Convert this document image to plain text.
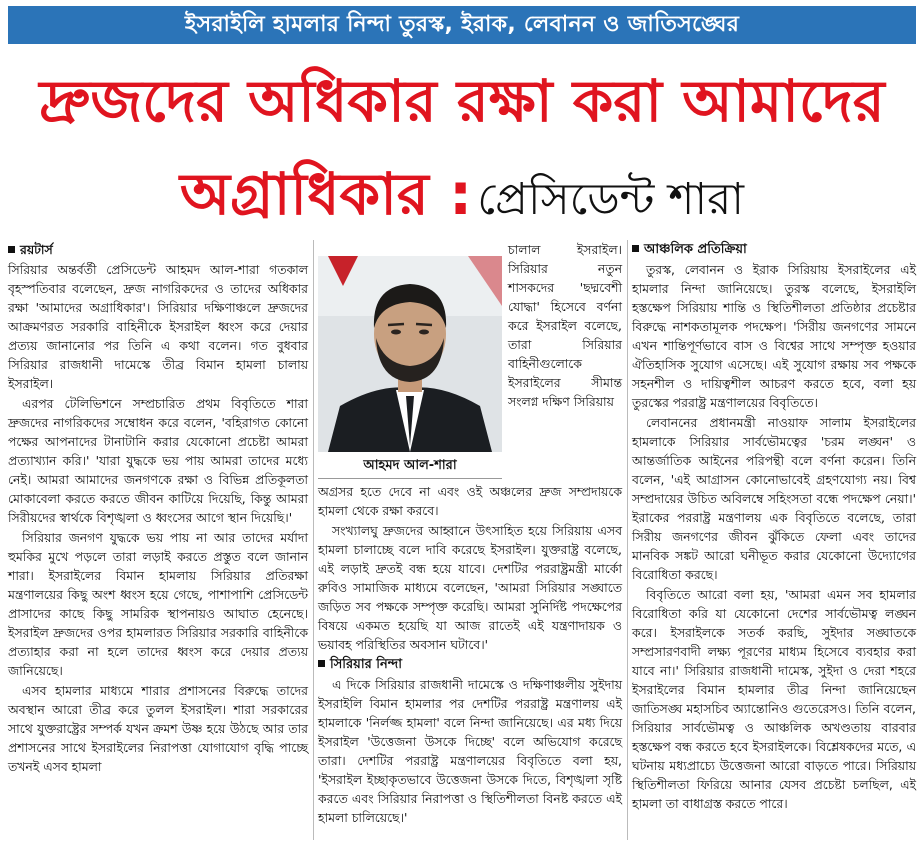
ইসরাইলি হামলার নিন্দা তুরস্ক, ইরাক, লেবানন ও জাতিসঙ্ঘের
দ্রুজদের অধিকার রক্ষা করা আমাদের
অগ্রাধিকার : প্রেসিডেন্ট শারা

রয়টার্স

সিরিয়ার অন্তর্বর্তী প্রেসিডেন্ট আহমদ আল-শারা গতকাল বৃহস্পতিবার বলেছেন, দ্রুজ নাগরিকদের ও তাদের অধিকার রক্ষা 'আমাদের অগ্রাধিকার'। সিরিয়ার দক্ষিণাঞ্চলে দ্রুজদের আক্রমণরত সরকারি বাহিনীকে ইসরাইল ধ্বংস করে দেয়ার প্রত্যয় জানানোর পর তিনি এ কথা বলেন। গত বুধবার সিরিয়ার রাজধানী দামেস্কে তীব্র বিমান হামলা চালায় ইসরাইল।

এরপর টেলিভিশনে সম্প্রচারিত প্রথম বিবৃতিতে শারা দ্রুজদের নাগরিকদের সম্বোধন করে বলেন, 'বহিরাগত কোনো পক্ষের আপনাদের টানাটানি করার যেকোনো প্রচেষ্টা আমরা প্রত্যাখ্যান করি।' 'যারা যুদ্ধকে ভয় পায় আমরা তাদের মধ্যে নেই। আমরা আমাদের জনগণকে রক্ষা ও বিভিন্ন প্রতিকূলতা মোকাবেলা করতে করতে জীবন কাটিয়ে দিয়েছি, কিন্তু আমরা সিরীয়দের স্বার্থকে বিশৃঙ্খলা ও ধ্বংসের আগে স্থান দিয়েছি।'

সিরিয়ার জনগণ যুদ্ধকে ভয় পায় না আর তাদের মর্যাদা হুমকির মুখে পড়লে তারা লড়াই করতে প্রস্তুত বলে জানান শারা। ইসরাইলের বিমান হামলায় সিরিয়ার প্রতিরক্ষা মন্ত্রণালয়ের কিছু অংশ ধ্বংস হয়ে গেছে, পাশাপাশি প্রেসিডেন্ট প্রাসাদের কাছে কিছু সামরিক স্থাপনায়ও আঘাত হেনেছে। ইসরাইল দ্রুজদের ওপর হামলারত সিরিয়ার সরকারি বাহিনীকে প্রত্যাহার করা না হলে তাদের ধ্বংস করে দেয়ার প্রত্যয় জানিয়েছে।

এসব হামলার মাধ্যমে শারার প্রশাসনের বিরুদ্ধে তাদের অবস্থান আরো তীব্র করে তুলল ইসরাইল। শারা সরকারের সাথে যুক্তরাষ্ট্রের সম্পর্ক যখন ক্রমশ উষ্ণ হয়ে উঠছে আর তার প্রশাসনের সাথে ইসরাইলের নিরাপত্তা যোগাযোগ বৃদ্ধি পাচ্ছে তখনই এসব হামলা

আহমদ আল-শারা

চালাল ইসরাইল। সিরিয়ার নতুন শাসকদের 'ছদ্মবেশী যোদ্ধা' হিসেবে বর্ণনা করে ইসরাইল বলেছে, তারা সিরিয়ার বাহিনীগুলোকে ইসরাইলের সীমান্ত সংলগ্ন দক্ষিণ সিরিয়ায়

অগ্রসর হতে দেবে না এবং ওই অঞ্চলের দ্রুজ সম্প্রদায়কে হামলা থেকে রক্ষা করবে।

সংখ্যালঘু দ্রুজদের আহ্বানে উৎসাহিত হয়ে সিরিয়ায় এসব হামলা চালাচ্ছে বলে দাবি করেছে ইসরাইল। যুক্তরাষ্ট্র বলেছে, এই লড়াই দ্রুতই বন্ধ হয়ে যাবে। দেশটির পররাষ্ট্রমন্ত্রী মার্কো রুবিও সামাজিক মাধ্যমে বলেছেন, 'আমরা সিরিয়ার সঙ্ঘাতে জড়িত সব পক্ষকে সম্পৃক্ত করেছি। আমরা সুনির্দিষ্ট পদক্ষেপের বিষয়ে একমত হয়েছি যা আজ রাতেই এই যন্ত্রণাদায়ক ও ভয়াবহ পরিস্থিতির অবসান ঘটাবে।'

সিরিয়ার নিন্দা

এ দিকে সিরিয়ার রাজধানী দামেস্কে ও দক্ষিণাঞ্চলীয় সুইদায় ইসরাইলি বিমান হামলার পর দেশটির পররাষ্ট্র মন্ত্রণালয় এই হামলাকে 'নির্লজ্জ হামলা' বলে নিন্দা জানিয়েছে। এর মধ্য দিয়ে ইসরাইল 'উত্তেজনা উসকে দিচ্ছে' বলে অভিযোগ করেছে তারা। দেশটির পররাষ্ট্র মন্ত্রণালয়ের বিবৃতিতে বলা হয়, 'ইসরাইল ইচ্ছাকৃতভাবে উত্তেজনা উসকে দিতে, বিশৃঙ্খলা সৃষ্টি করতে এবং সিরিয়ার নিরাপত্তা ও স্থিতিশীলতা বিনষ্ট করতে এই হামলা চালিয়েছে।'

আঞ্চলিক প্রতিক্রিয়া

তুরস্ক, লেবানন ও ইরাক সিরিয়ায় ইসরাইলের এই হামলার নিন্দা জানিয়েছে। তুরস্ক বলেছে, ইসরাইলি হস্তক্ষেপ সিরিয়ায় শান্তি ও স্থিতিশীলতা প্রতিষ্ঠার প্রচেষ্টার বিরুদ্ধে নাশকতামূলক পদক্ষেপ। 'সিরীয় জনগণের সামনে এখন শান্তিপূর্ণভাবে বাস ও বিশ্বের সাথে সম্পৃক্ত হওয়ার ঐতিহাসিক সুযোগ এসেছে। এই সুযোগ রক্ষায় সব পক্ষকে সহনশীল ও দায়িত্বশীল আচরণ করতে হবে, বলা হয় তুরস্কের পররাষ্ট্র মন্ত্রণালয়ের বিবৃতিতে।

লেবাননের প্রধানমন্ত্রী নাওয়াফ সালাম ইসরাইলের হামলাকে সিরিয়ার সার্বভৌমত্বের 'চরম লঙ্ঘন' ও আন্তর্জাতিক আইনের পরিপন্থী বলে বর্ণনা করেন। তিনি বলেন, 'এই আগ্রাসন কোনোভাবেই গ্রহণযোগ্য নয়। বিশ্ব সম্প্রদায়ের উচিত অবিলম্বে সহিংসতা বন্ধে পদক্ষেপ নেয়া।' ইরাকের পররাষ্ট্র মন্ত্রণালয় এক বিবৃতিতে বলেছে, তারা সিরীয় জনগণের জীবন ঝুঁকিতে ফেলা এবং তাদের মানবিক সঙ্কট আরো ঘনীভূত করার যেকোনো উদ্যোগের বিরোধিতা করছে।

বিবৃতিতে আরো বলা হয়, 'আমরা এমন সব হামলার বিরোধিতা করি যা যেকোনো দেশের সার্বভৌমত্ব লঙ্ঘন করে। ইসরাইলকে সতর্ক করছি, সুইদার সঙ্ঘাতকে সম্প্রসারণবাদী লক্ষ্য পূরণের মাধ্যম হিসেবে ব্যবহার করা যাবে না।' সিরিয়ার রাজধানী দামেস্ক, সুইদা ও দেরা শহরে ইসরাইলের বিমান হামলার তীব্র নিন্দা জানিয়েছেন জাতিসঙ্ঘ মহাসচিব অ্যান্তোনিও গুতেরেসও। তিনি বলেন, সিরিয়ার সার্বভৌমত্ব ও আঞ্চলিক অখণ্ডতায় বারবার হস্তক্ষেপ বন্ধ করতে হবে ইসরাইলকে। বিশ্লেষকদের মতে, এ ঘটনায় মধ্যপ্রাচ্যে উত্তেজনা আরো বাড়তে পারে। সিরিয়ায় স্থিতিশীলতা ফিরিয়ে আনার যেসব প্রচেষ্টা চলছিল, এই হামলা তা বাধাগ্রস্ত করতে পারে।
